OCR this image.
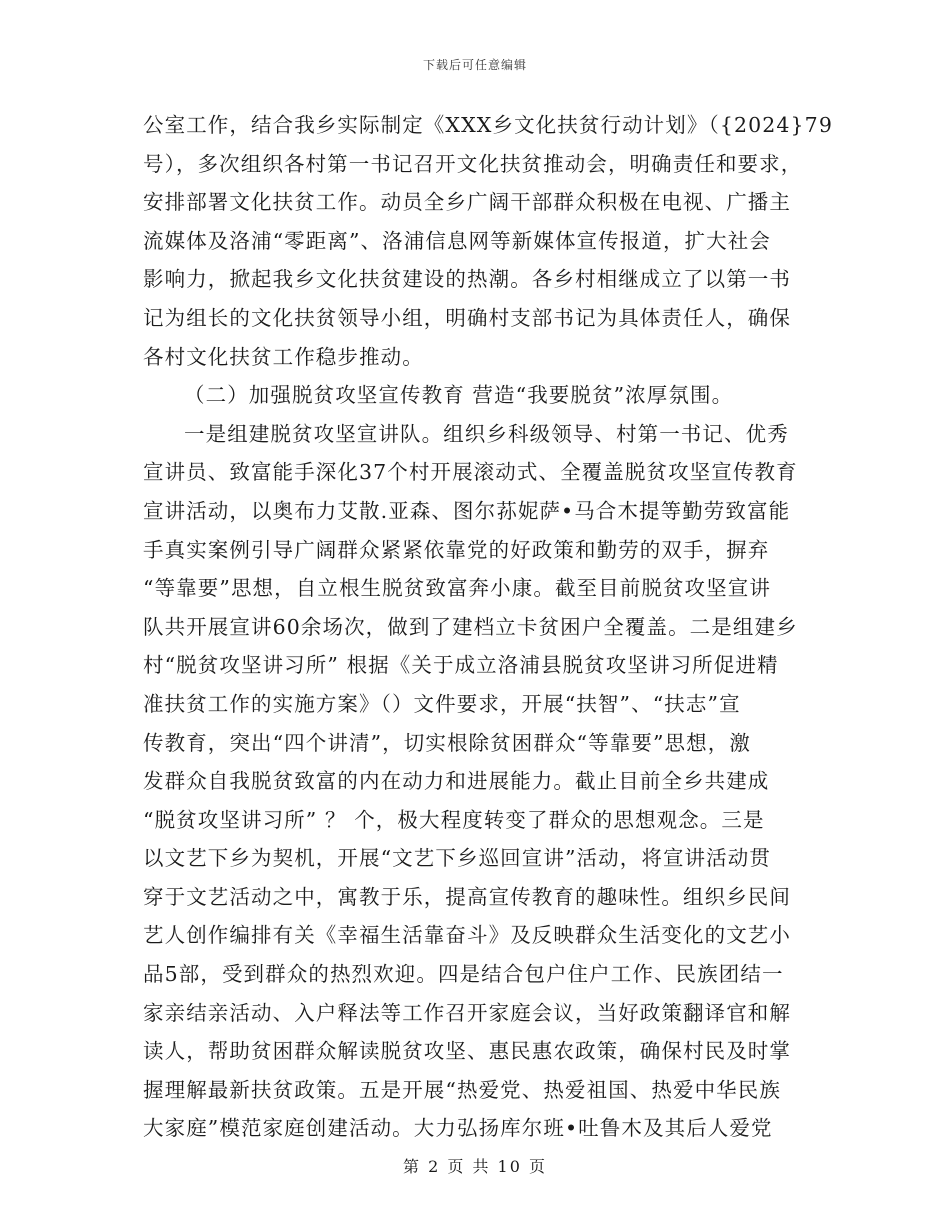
下载后可任意编辑
公室工作，结合我乡实际制定《XXX乡文化扶贫行动计划》（{2024}79
号），多次组织各村第一书记召开文化扶贫推动会，明确责任和要求，
安排部署文化扶贫工作。动员全乡广阔干部群众积极在电视、广播主
流媒体及洛浦“零距离”、洛浦信息网等新媒体宣传报道，扩大社会
影响力，掀起我乡文化扶贫建设的热潮。各乡村相继成立了以第一书
记为组长的文化扶贫领导小组，明确村支部书记为具体责任人，确保
各村文化扶贫工作稳步推动。
（二）加强脱贫攻坚宣传教育 营造“我要脱贫”浓厚氛围。
一是组建脱贫攻坚宣讲队。组织乡科级领导、村第一书记、优秀
宣讲员、致富能手深化37个村开展滚动式、全覆盖脱贫攻坚宣传教育
宣讲活动，以奥布力艾散.亚森、图尔荪妮萨•马合木提等勤劳致富能
手真实案例引导广阔群众紧紧依靠党的好政策和勤劳的双手，摒弃
“等靠要”思想，自立根生脱贫致富奔小康。截至目前脱贫攻坚宣讲
队共开展宣讲60余场次，做到了建档立卡贫困户全覆盖。二是组建乡
村“脱贫攻坚讲习所” 根据《关于成立洛浦县脱贫攻坚讲习所促进精
准扶贫工作的实施方案》（）文件要求，开展“扶智”、“扶志”宣
传教育，突出“四个讲清”，切实根除贫困群众“等靠要”思想，激
发群众自我脱贫致富的内在动力和进展能力。截止目前全乡共建成
“脱贫攻坚讲习所” ？ 个，极大程度转变了群众的思想观念。三是
以文艺下乡为契机，开展“文艺下乡巡回宣讲”活动，将宣讲活动贯
穿于文艺活动之中，寓教于乐，提高宣传教育的趣味性。组织乡民间
艺人创作编排有关《幸福生活靠奋斗》及反映群众生活变化的文艺小
品5部，受到群众的热烈欢迎。四是结合包户住户工作、民族团结一
家亲结亲活动、入户释法等工作召开家庭会议，当好政策翻译官和解
读人，帮助贫困群众解读脱贫攻坚、惠民惠农政策，确保村民及时掌
握理解最新扶贫政策。五是开展“热爱党、热爱祖国、热爱中华民族
大家庭”模范家庭创建活动。大力弘扬库尔班•吐鲁木及其后人爱党
第 2 页 共 10 页
